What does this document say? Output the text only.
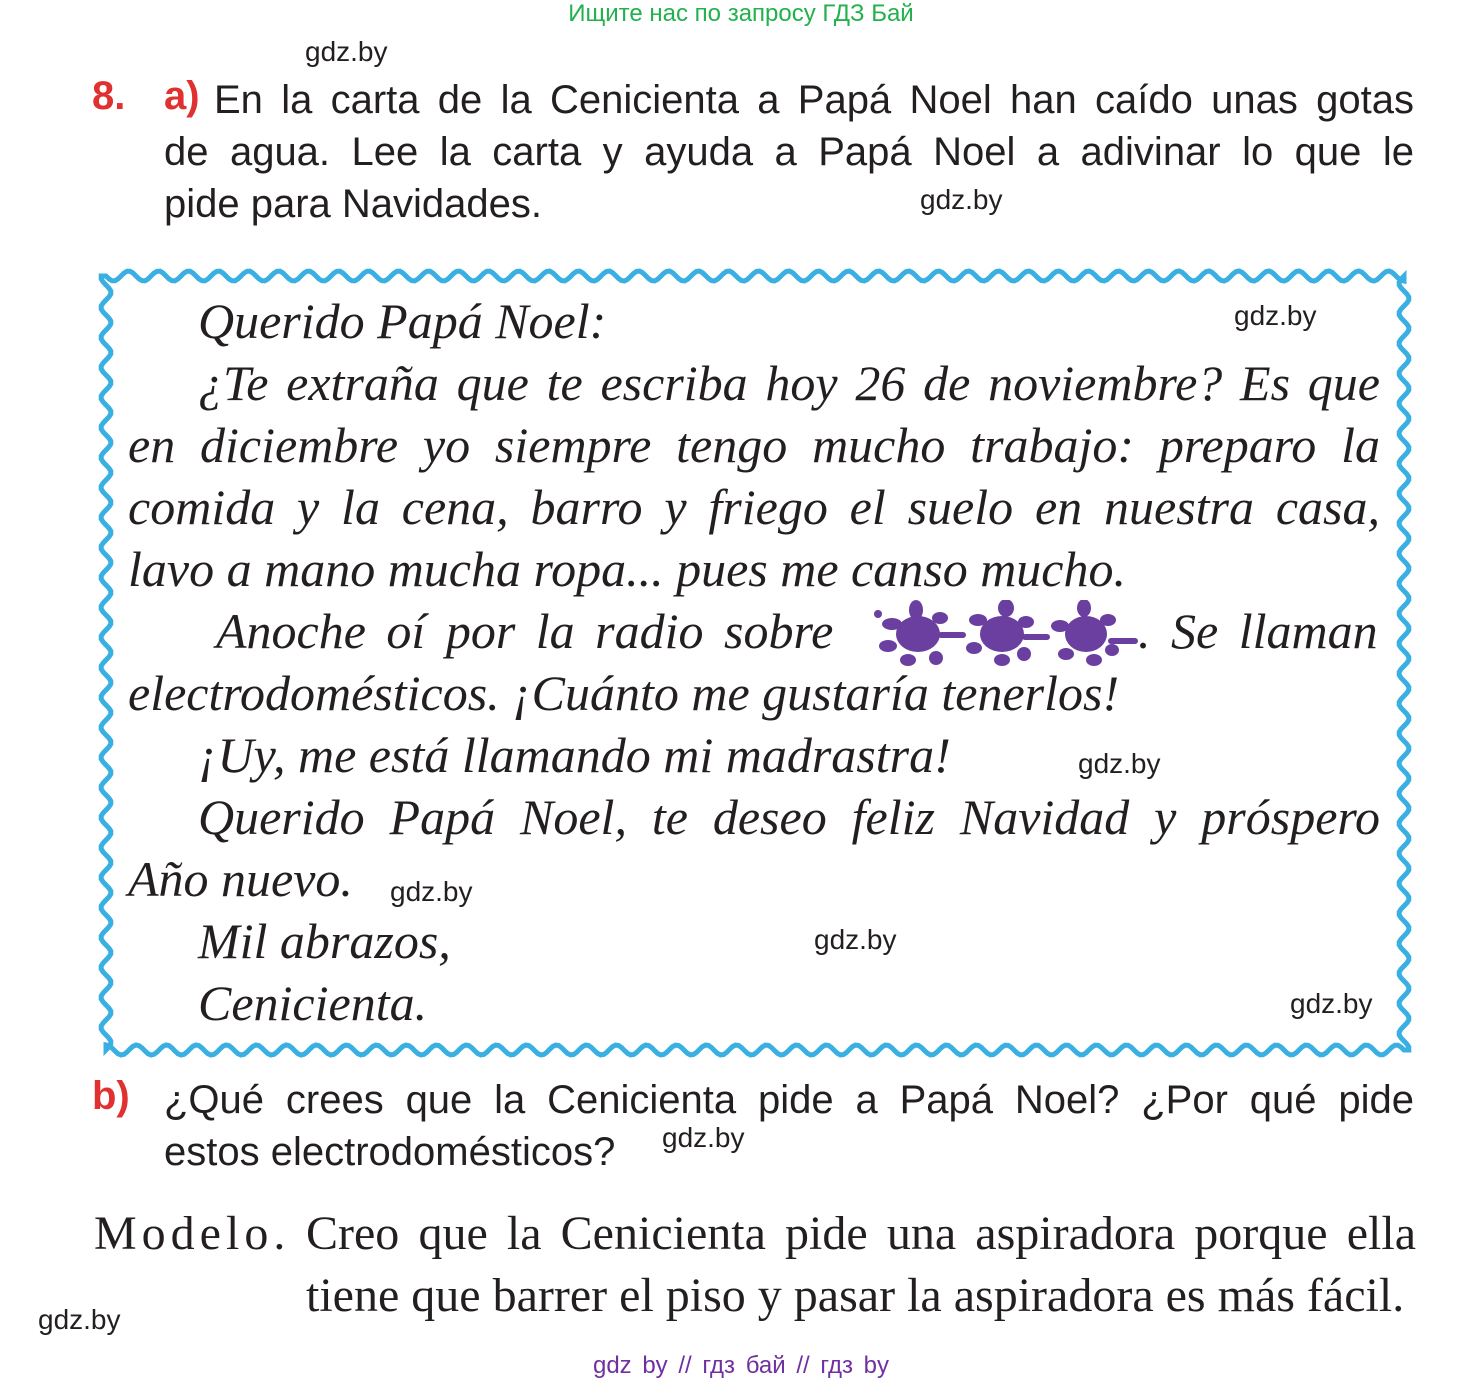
Ищите нас по запросу ГДЗ Бай
gdz.by
8. a) En la carta de la Cenicienta a Papá Noel han caído unas gotas
de agua. Lee la carta y ayuda a Papá Noel a adivinar lo que le
pide para Navidades.	gdz.by
Querido Papá Noel:	gdz.by
¿Te extraña que te escriba hoy 26 de noviembre? Es que
en diciembre yo siempre tengo mucho trabajo: preparo la
comida y la cena, barro y friego el suelo en nuestra casa,
lavo a mano mucha ropa... pues me canso mucho.
Anoche oí por la radio sobre	. Se llaman
electrodomésticos. ¡Cuánto me gustaría tenerlos!
¡Uy, me está llamando mi madrastra!	gdz.by
Querido Papá Noel, te deseo feliz Navidad y próspero
Año nuevo. gdz.by
Mil abrazos,	gdz.by
Cenicienta.	gdz.by
b) ¿Qué crees que la Cenicienta pide a Papá Noel? ¿Por qué pide
estos electrodomésticos?	gdz.by
Modelo. Creo que la Cenicienta pide una aspiradora porque ella
tiene que barrer el piso y pasar la aspiradora es más fácil.
gdz.by
gdz by // гдз бай // гдз by
